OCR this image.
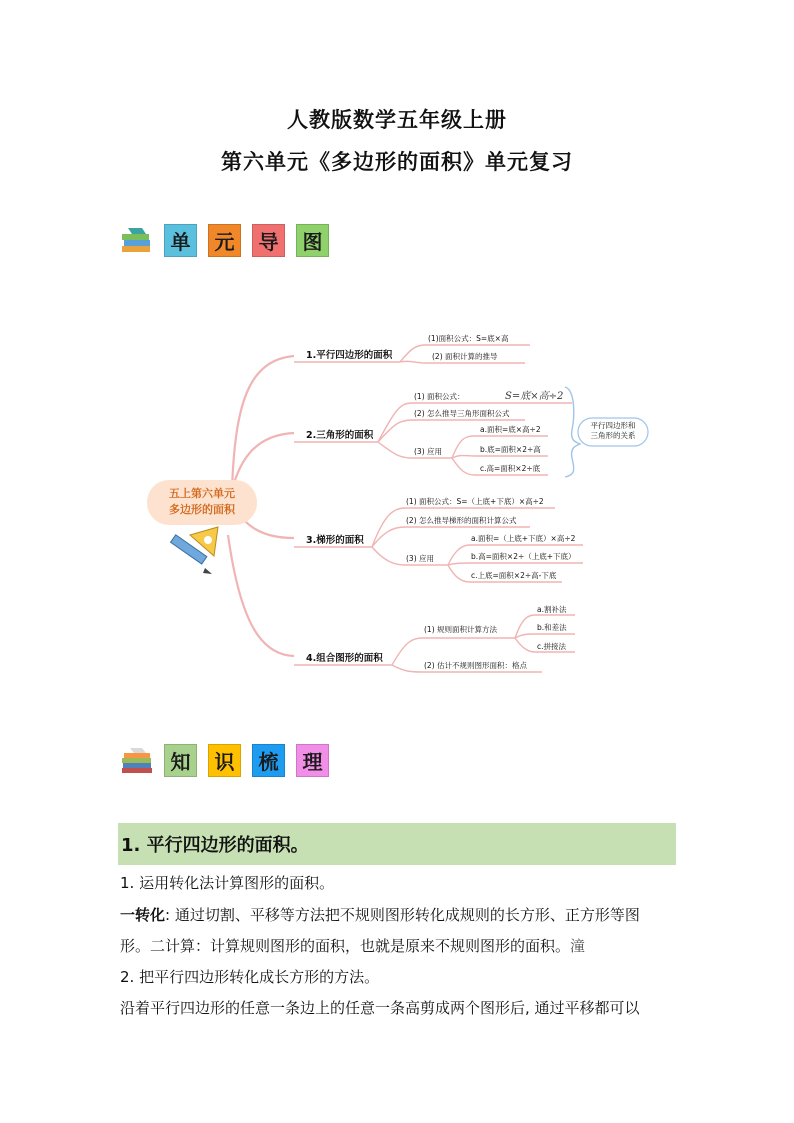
人教版数学五年级上册
第六单元《多边形的面积》单元复习
单	元	导	图
五上第六单元
多边形的面积
1.平行四边形的面积
2.三角形的面积
3.梯形的面积
4.组合图形的面积
(1)面积公式：S=底×高
(2) 面积计算的推导
(1) 面积公式：	S=底×高÷2
(2) 怎么推导三角形面积公式
(3) 应用
a.面积=底×高÷2
b.底=面积×2÷高
c.高=面积×2÷底
平行四边形和
三角形的关系
(1) 面积公式：S=（上底+下底）×高÷2
(2) 怎么推导梯形的面积计算公式
(3) 应用
a.面积=（上底+下底）×高÷2
b.高=面积×2÷（上底+下底）
c.上底=面积×2÷高-下底
(1) 规则面积计算方法
a.割补法
b.和差法
c.拼接法
(2) 估计不规则图形面积：格点
知	识	梳	理
1. 平行四边形的面积。
1. 运用转化法计算图形的面积。
一转化: 通过切割、平移等方法把不规则图形转化成规则的长方形、正方形等图
形。二计算：计算规则图形的面积，也就是原来不规则图形的面积。潼
2. 把平行四边形转化成长方形的方法。
沿着平行四边形的任意一条边上的任意一条高剪成两个图形后, 通过平移都可以
